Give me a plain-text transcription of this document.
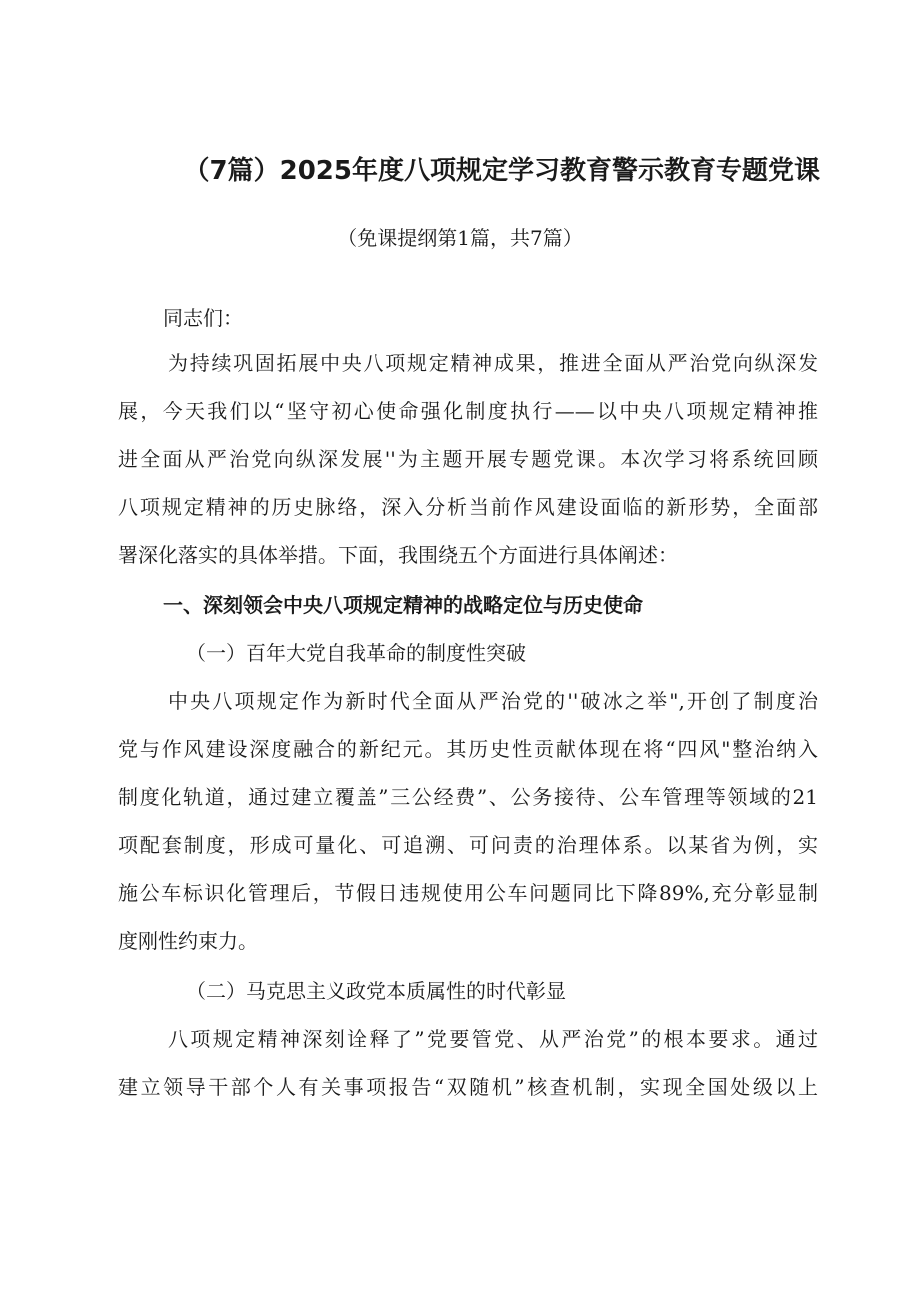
（7篇）2025年度八项规定学习教育警示教育专题党课
（免课提纲第1篇，共7篇）
同志们：
为持续巩固拓展中央八项规定精神成果，推进全面从严治党向纵深发
展，今天我们以“坚守初心使命强化制度执行——以中央八项规定精神推
进全面从严治党向纵深发展''为主题开展专题党课。本次学习将系统回顾
八项规定精神的历史脉络，深入分析当前作风建设面临的新形势，全面部
署深化落实的具体举措。下面，我围绕五个方面进行具体阐述：
一、深刻领会中央八项规定精神的战略定位与历史使命
（一）百年大党自我革命的制度性突破
中央八项规定作为新时代全面从严治党的''破冰之举",开创了制度治
党与作风建设深度融合的新纪元。其历史性贡献体现在将“四风"整治纳入
制度化轨道，通过建立覆盖”三公经费”、公务接待、公车管理等领域的21
项配套制度，形成可量化、可追溯、可问责的治理体系。以某省为例，实
施公车标识化管理后，节假日违规使用公车问题同比下降89%,充分彰显制
度刚性约束力。
（二）马克思主义政党本质属性的时代彰显
八项规定精神深刻诠释了”党要管党、从严治党”的根本要求。通过
建立领导干部个人有关事项报告“双随机”核查机制，实现全国处级以上
